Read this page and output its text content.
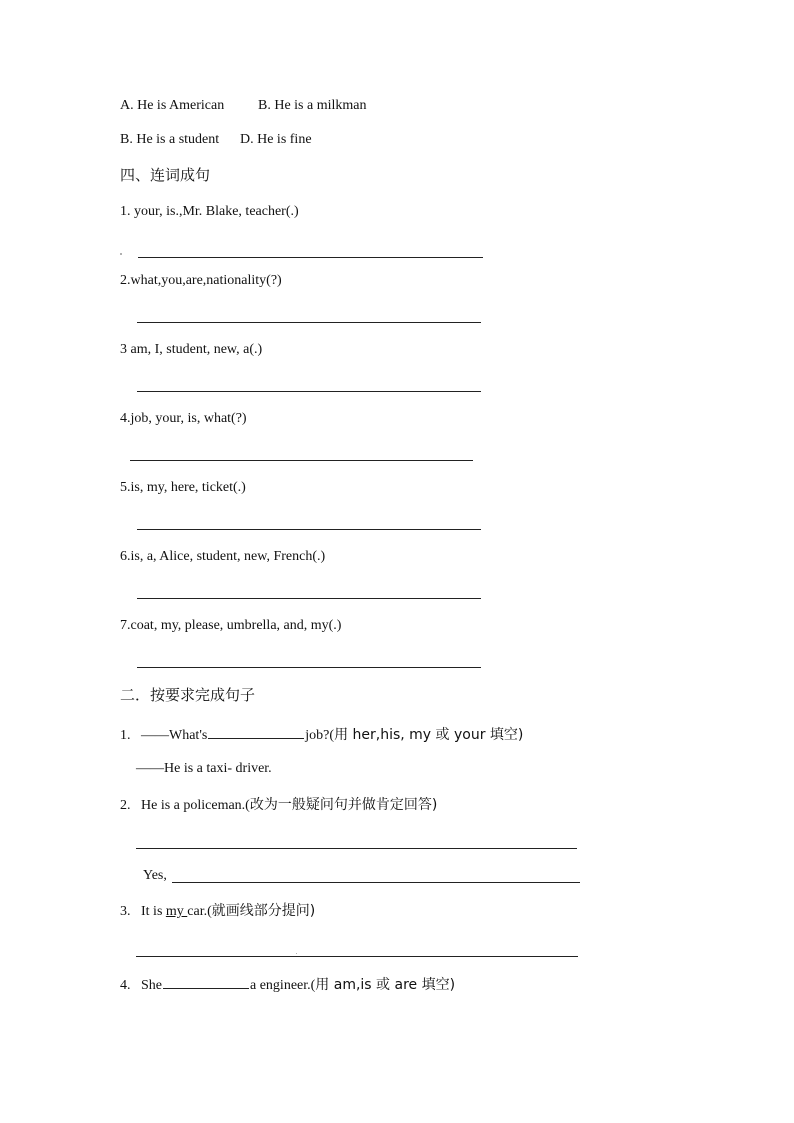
A. He is American B. He is a milkman
B. He is a student D. He is fine
四、连词成句
1. your, is.,Mr. Blake, teacher(.)
2.what,you,are,nationality(?)
3 am, I, student, new, a(.)
4.job, your, is, what(?)
5.is, my, here, ticket(.)
6.is, a, Alice, student, new, French(.)
7.coat, my, please, umbrella, and, my(.)
二．按要求完成句子
1. ——What's	job?(用 her,his, my 或 your 填空)
——He is a taxi- driver.
2. He is a policeman.(改为一般疑问句并做肯定回答)
Yes,
3. It is my car.(就画线部分提问)
4. She	a engineer.(用 am,is 或 are 填空)
